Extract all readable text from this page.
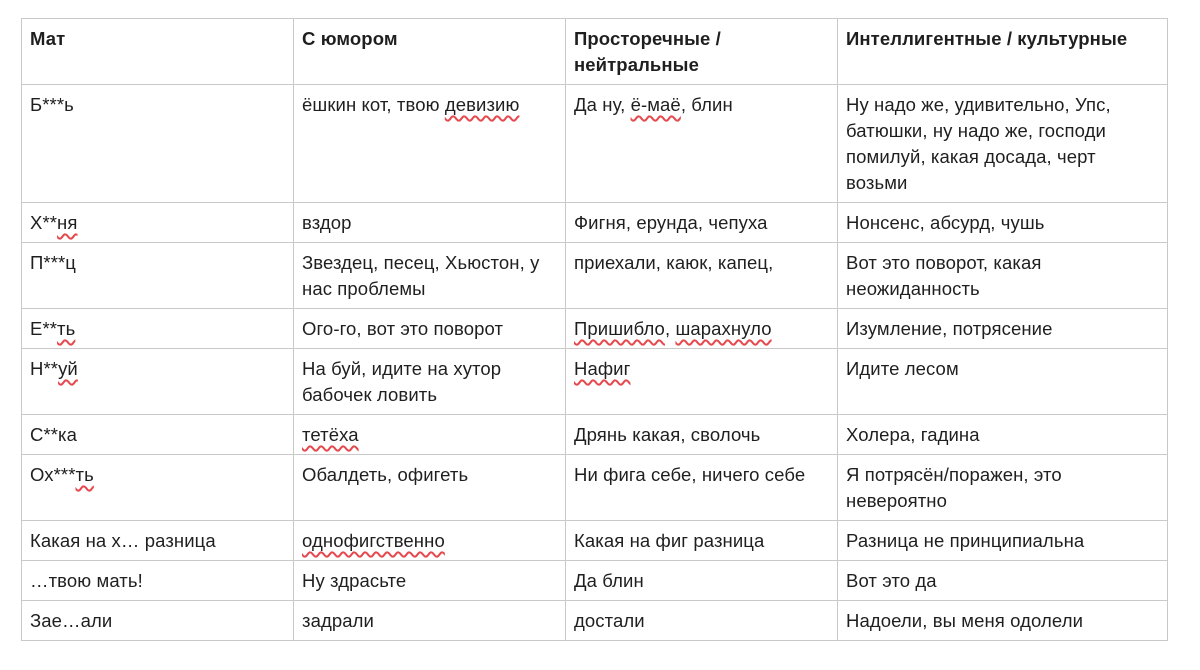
Мат	С юмором	Просторечные / нейтральные	Интеллигентные / культурные
Б***ь	ёшкин кот, твою девизию	Да ну, ё-маё, блин	Ну надо же, удивительно, Упс, батюшки, ну надо же, господи помилуй, какая досада, черт возьми
Х**ня	вздор	Фигня, ерунда, чепуха	Нонсенс, абсурд, чушь
П***ц	Звездец, песец, Хьюстон, у нас проблемы	приехали, каюк, капец,	Вот это поворот, какая неожиданность
Е**ть	Ого-го, вот это поворот	Пришибло, шарахнуло	Изумление, потрясение
Н**уй	На буй, идите на хутор бабочек ловить	Нафиг	Идите лесом
С**ка	тетёха	Дрянь какая, сволочь	Холера, гадина
Ох***ть	Обалдеть, офигеть	Ни фига себе, ничего себе	Я потрясён/поражен, это невероятно
Какая на х… разница	однофигственно	Какая на фиг разница	Разница не принципиальна
…твою мать!	Ну здрасьте	Да блин	Вот это да
Зае…али	задрали	достали	Надоели, вы меня одолели
